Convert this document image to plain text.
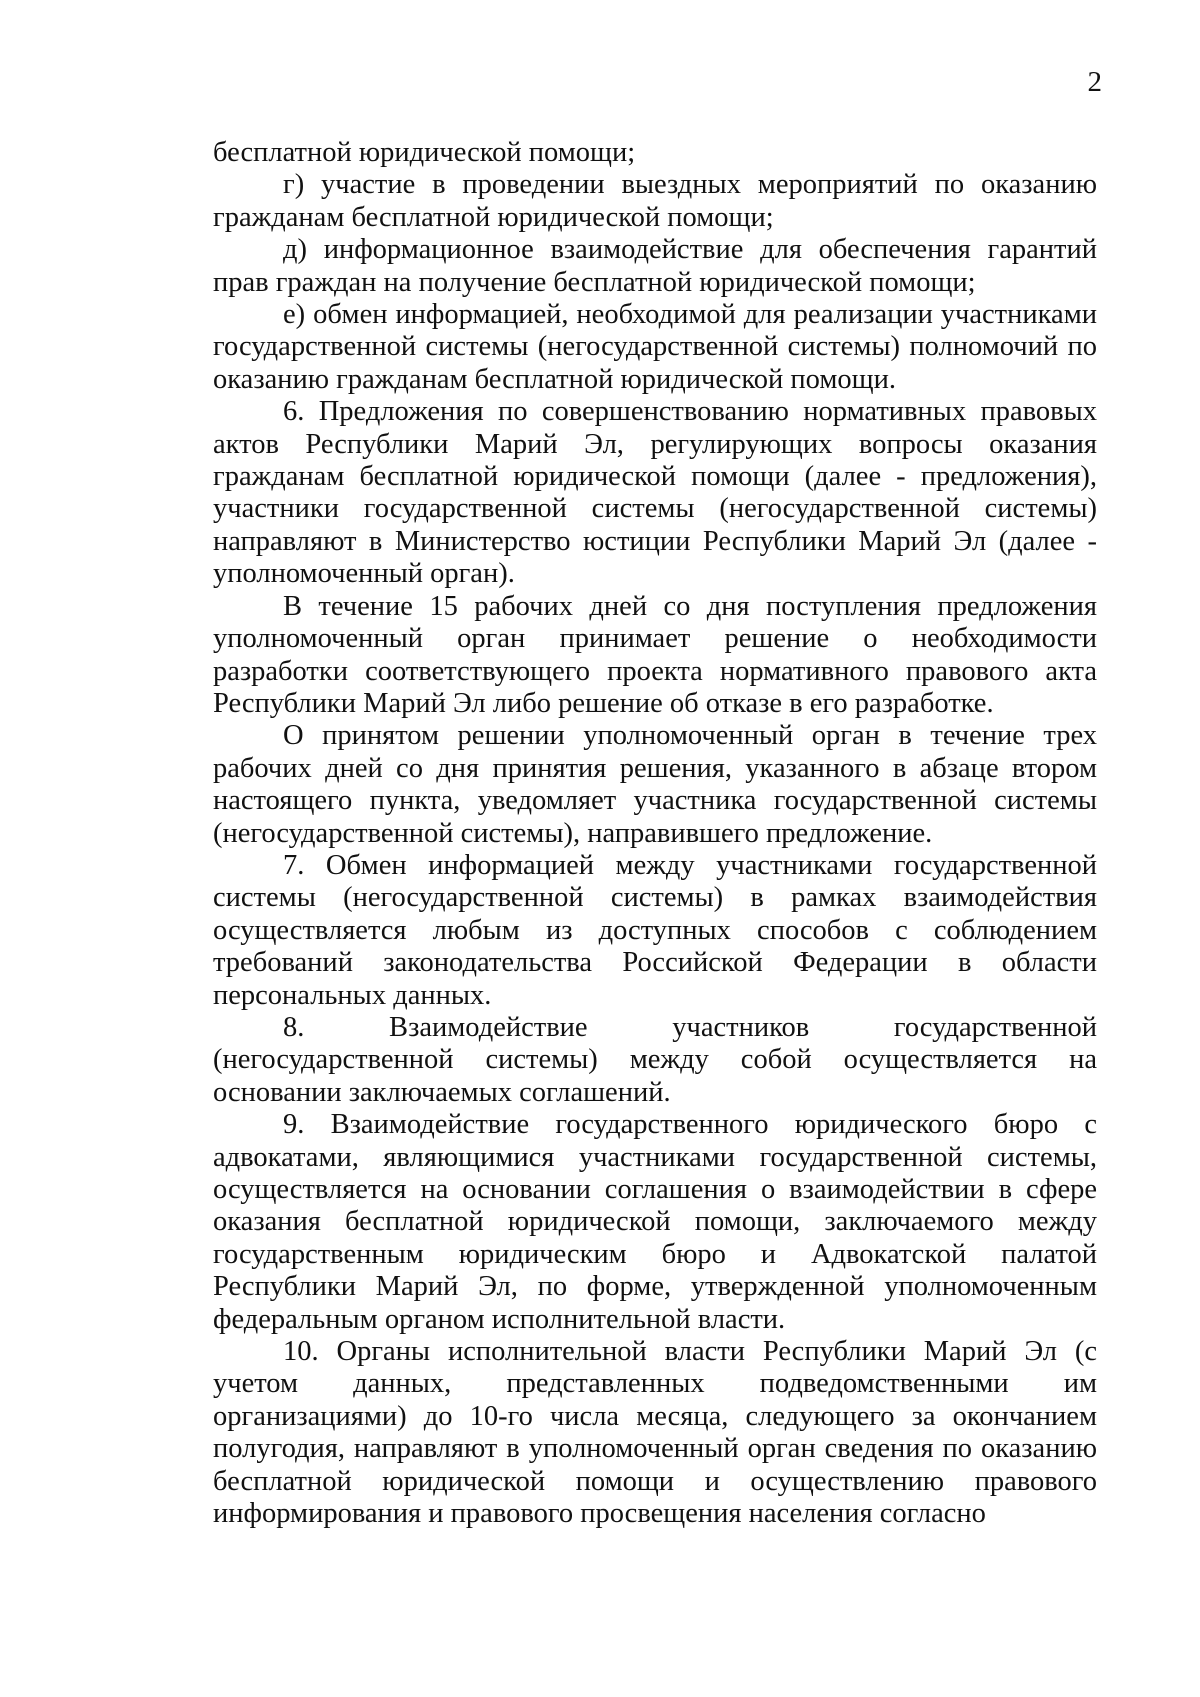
2

бесплатной юридической помощи;

г) участие в проведении выездных мероприятий по оказанию гражданам бесплатной юридической помощи;

д) информационное взаимодействие для обеспечения гарантий прав граждан на получение бесплатной юридической помощи;

е) обмен информацией, необходимой для реализации участниками государственной системы (негосударственной системы) полномочий по оказанию гражданам бесплатной юридической помощи.

6. Предложения по совершенствованию нормативных правовых актов Республики Марий Эл, регулирующих вопросы оказания гражданам бесплатной юридической помощи (далее - предложения), участники государственной системы (негосударственной системы) направляют в Министерство юстиции Республики Марий Эл (далее - уполномоченный орган).

В течение 15 рабочих дней со дня поступления предложения уполномоченный орган принимает решение о необходимости разработки соответствующего проекта нормативного правового акта Республики Марий Эл либо решение об отказе в его разработке.

О принятом решении уполномоченный орган в течение трех рабочих дней со дня принятия решения, указанного в абзаце втором настоящего пункта, уведомляет участника государственной системы (негосударственной системы), направившего предложение.

7. Обмен информацией между участниками государственной системы (негосударственной системы) в рамках взаимодействия осуществляется любым из доступных способов с соблюдением требований законодательства Российской Федерации в области персональных данных.

8. Взаимодействие участников государственной (негосударственной системы) между собой осуществляется на основании заключаемых соглашений.

9. Взаимодействие государственного юридического бюро с адвокатами, являющимися участниками государственной системы, осуществляется на основании соглашения о взаимодействии в сфере оказания бесплатной юридической помощи, заключаемого между государственным юридическим бюро и Адвокатской палатой Республики Марий Эл, по форме, утвержденной уполномоченным федеральным органом исполнительной власти.

10. Органы исполнительной власти Республики Марий Эл (с учетом данных, представленных подведомственными им организациями) до 10-го числа месяца, следующего за окончанием полугодия, направляют в уполномоченный орган сведения по оказанию бесплатной юридической помощи и осуществлению правового информирования и правового просвещения населения согласно
